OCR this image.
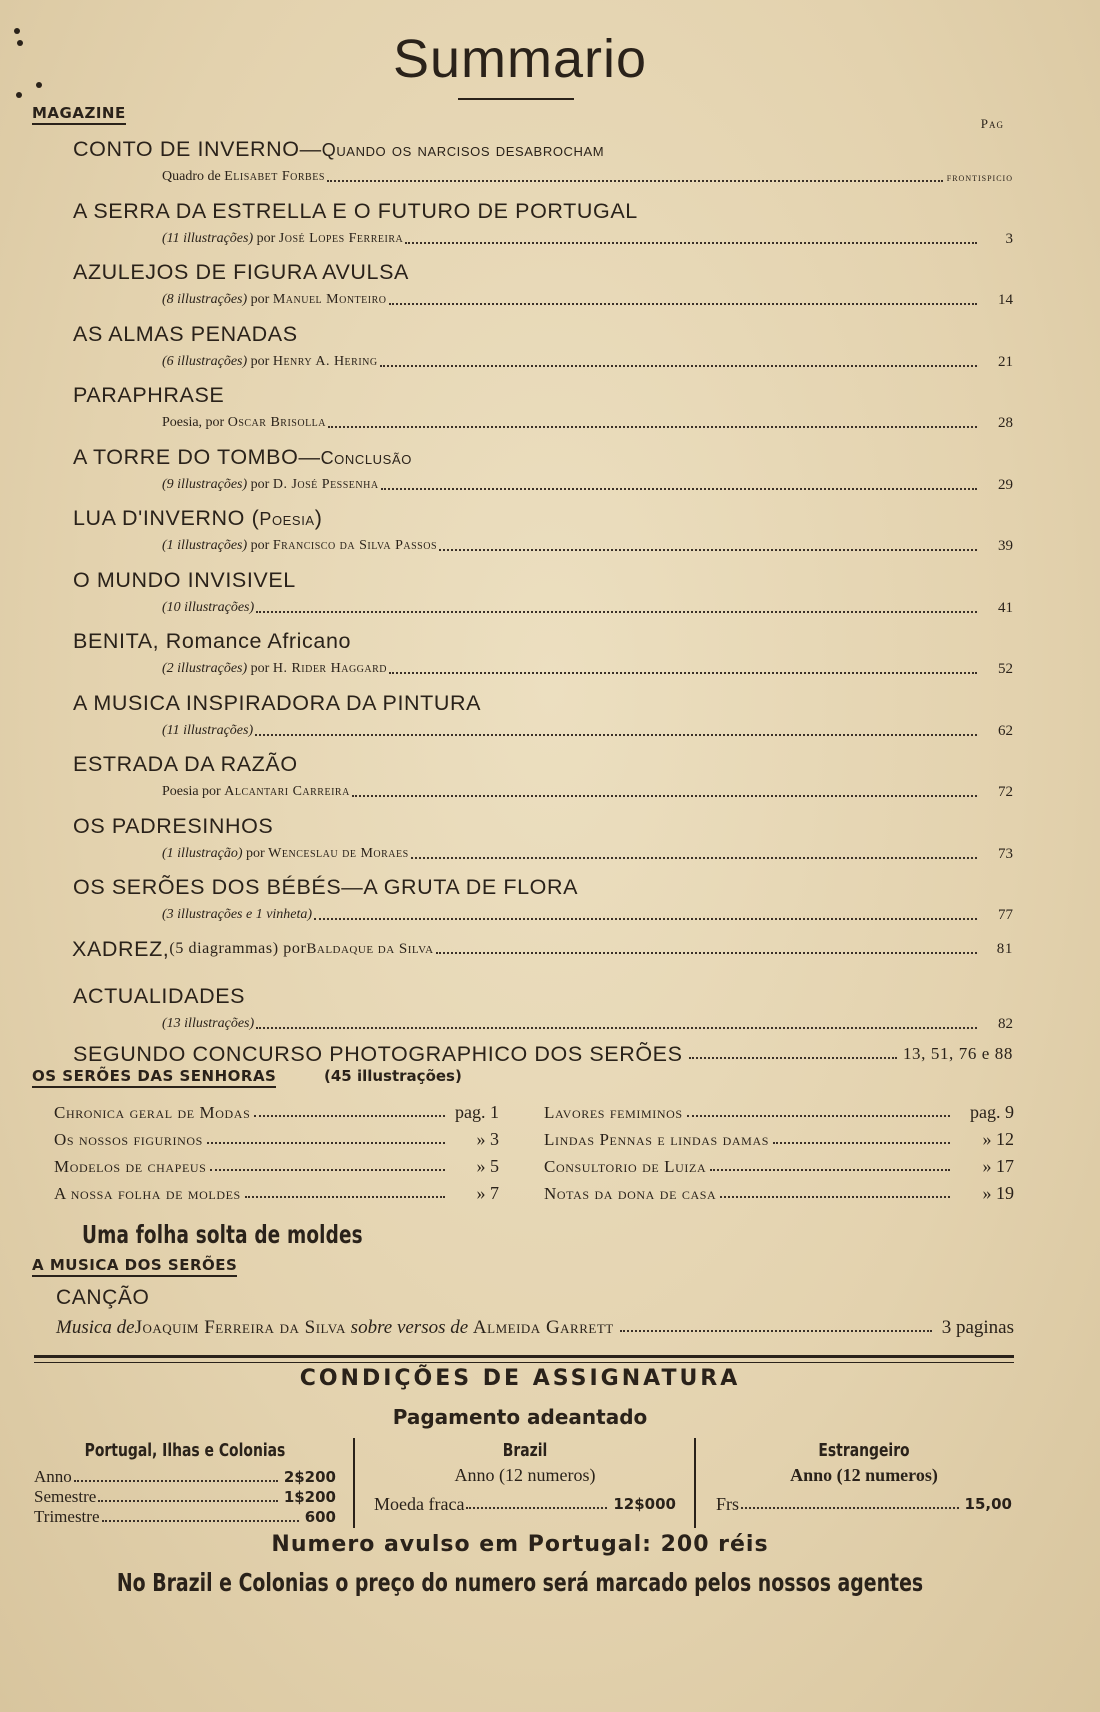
Summario
MAGAZINE
Pag
CONTO DE INVERNO—Quando os narcisos desabrocham
Quadro de Elisabet Forbes	frontispicio
A SERRA DA ESTRELLA E O FUTURO DE PORTUGAL
(11 illustrações) por José Lopes Ferreira	3
AZULEJOS DE FIGURA AVULSA
(8 illustrações) por Manuel Monteiro	14
AS ALMAS PENADAS
(6 illustrações) por Henry A. Hering	21
PARAPHRASE
Poesia, por Oscar Brisolla	28
A TORRE DO TOMBO—Conclusão
(9 illustrações) por D. José Pessenha	29
LUA D'INVERNO (Poesia)
(1 illustrações) por Francisco da Silva Passos	39
O MUNDO INVISIVEL
(10 illustrações)	41
BENITA, Romance Africano
(2 illustrações) por H. Rider Haggard	52
A MUSICA INSPIRADORA DA PINTURA
(11 illustrações)	62
ESTRADA DA RAZÃO
Poesia por Alcantari Carreira	72
OS PADRESINHOS
(1 illustração) por Wenceslau de Moraes	73
OS SERÕES DOS BÉBÉS—A GRUTA DE FLORA
(3 illustrações e 1 vinheta)	77
XADREZ, (5 diagrammas) por Baldaque da Silva	81
ACTUALIDADES
(13 illustrações)	82
SEGUNDO CONCURSO PHOTOGRAPHICO DOS SERÕES	13, 51, 76 e 88
OS SERÕES DAS SENHORAS	(45 illustrações)
Chronica geral de Modas	pag. 1
Os nossos figurinos	» 3
Modelos de chapeus	» 5
A nossa folha de moldes	» 7
Lavores femiminos	pag. 9
Lindas Pennas e lindas damas	» 12
Consultorio de Luiza	» 17
Notas da dona de casa	» 19
Uma folha solta de moldes
A MUSICA DOS SERÕES
CANÇÃO
Musica de Joaquim Ferreira da Silva sobre versos de Almeida Garrett	3 paginas
CONDIÇÕES DE ASSIGNATURA
Pagamento adeantado
Portugal, Ilhas e Colonias
Anno	2$200
Semestre	1$200
Trimestre	600
Brazil
Anno (12 numeros)
Moeda fraca	12$000
Estrangeiro
Anno (12 numeros)
Frs	15,00
Numero avulso em Portugal: 200 réis
No Brazil e Colonias o preço do numero será marcado pelos nossos agentes
